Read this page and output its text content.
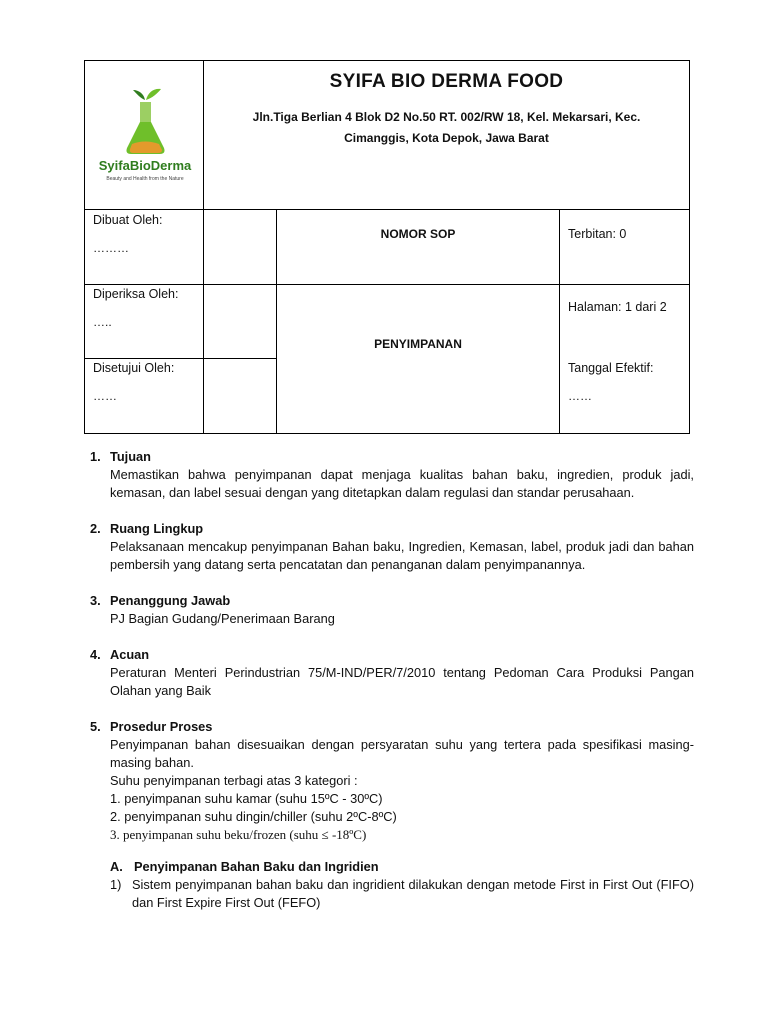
SyifaBioDerma
Beauty and Health from the Nature
SYIFA BIO DERMA FOOD
Jln.Tiga Berlian 4 Blok D2 No.50 RT. 002/RW 18, Kel. Mekarsari, Kec. Cimanggis, Kota Depok, Jawa Barat
Dibuat Oleh:
………
Diperiksa Oleh:
…..
Disetujui Oleh:
……
NOMOR SOP
PENYIMPANAN
Terbitan: 0
Halaman: 1 dari 2
Tanggal Efektif:
……
1. Tujuan
Memastikan bahwa penyimpanan dapat menjaga kualitas bahan baku, ingredien, produk jadi, kemasan, dan label sesuai dengan yang ditetapkan dalam regulasi dan standar perusahaan.
2. Ruang Lingkup
Pelaksanaan mencakup penyimpanan Bahan baku, Ingredien, Kemasan, label, produk jadi dan bahan pembersih yang datang serta pencatatan dan penanganan dalam penyimpanannya.
3. Penanggung Jawab
PJ Bagian Gudang/Penerimaan Barang
4. Acuan
Peraturan Menteri Perindustrian 75/M-IND/PER/7/2010 tentang Pedoman Cara Produksi Pangan Olahan yang Baik
5. Prosedur Proses
Penyimpanan bahan disesuaikan dengan persyaratan suhu yang tertera pada spesifikasi masing-masing bahan.
Suhu penyimpanan terbagi atas 3 kategori :
1. penyimpanan suhu kamar (suhu 15ºC - 30ºC)
2. penyimpanan suhu dingin/chiller (suhu 2ºC-8ºC)
3. penyimpanan suhu beku/frozen (suhu ≤ -18ºC)
A. Penyimpanan Bahan Baku dan Ingridien
1) Sistem penyimpanan bahan baku dan ingridient dilakukan dengan metode First in First Out (FIFO) dan First Expire First Out (FEFO)
